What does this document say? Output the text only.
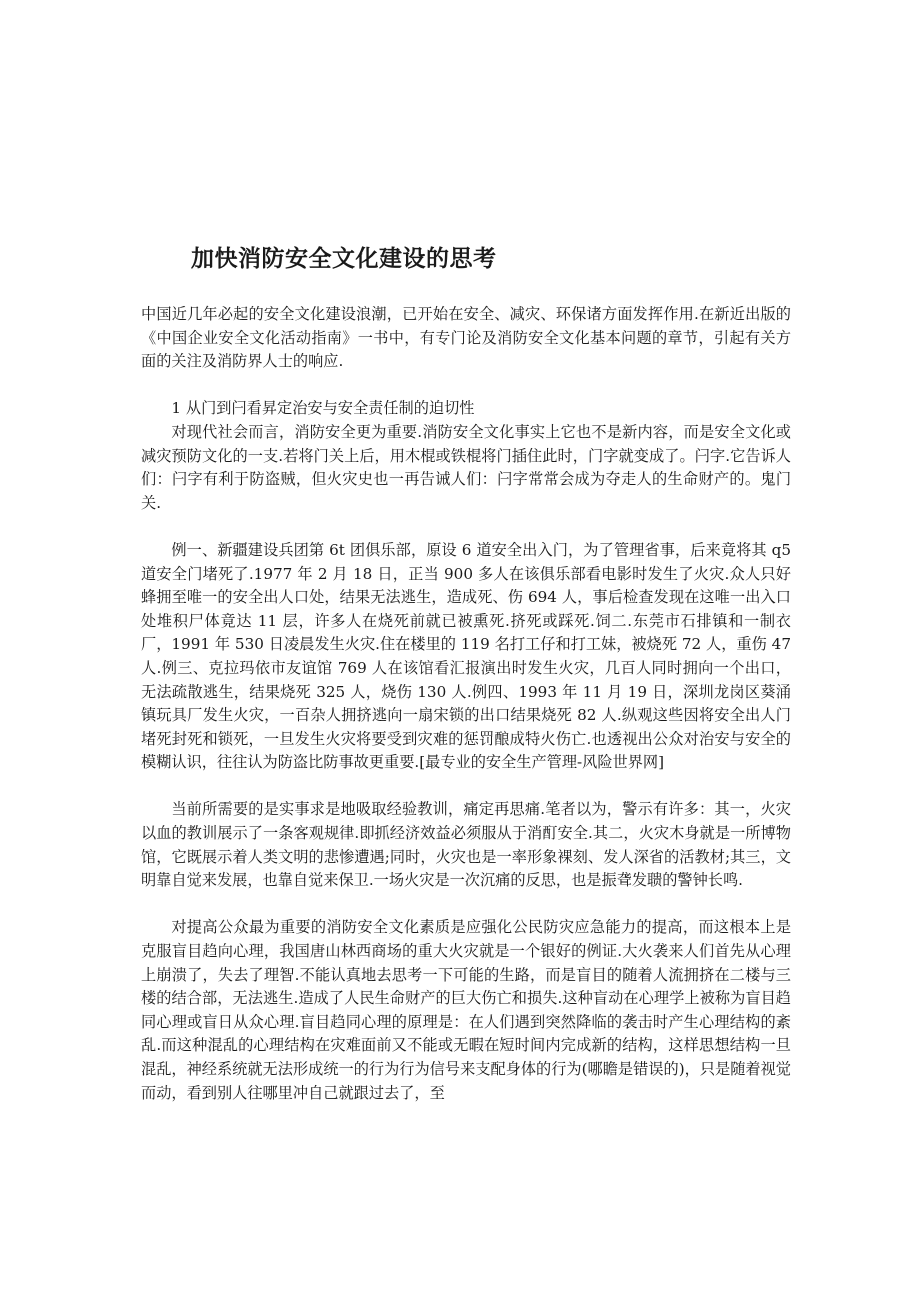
加快消防安全文化建设的思考

中国近几年必起的安全文化建设浪潮，已开始在安全、减灾、环保诸方面发挥作用.在新近出版的《中国企业安全文化活动指南》一书中，有专门论及消防安全文化基本问题的章节，引起有关方面的关注及消防界人士的响应.

1 从门到闩看昇定治安与安全责任制的迫切性

对现代社会而言，消防安全更为重要.消防安全文化事实上它也不是新内容，而是安全文化或减灾预防文化的一支.若将门关上后，用木棍或铁棍将门插住此时，门字就变成了。闩字.它告诉人们：闩字有利于防盗贼，但火灾史也一再告诫人们：闩字常常会成为夺走人的生命财产的。鬼门关.

例一、新疆建设兵团第 6t 团俱乐部，原设 6 道安全出入门，为了管理省事，后来竟将其 q5 道安全门堵死了.1977 年 2 月 18 日，正当 900 多人在该俱乐部看电影时发生了火灾.众人只好蜂拥至唯一的安全出人口处，结果无法逃生，造成死、伤 694 人，事后检查发现在这唯一出入口处堆积尸体竟达 11 层，许多人在烧死前就已被熏死.挤死或踩死.饲二.东莞市石排镇和一制衣厂，1991 年 530 日凌晨发生火灾.住在楼里的 119 名打工仔和打工妹，被烧死 72 人，重伤 47 人.例三、克拉玛依市友谊馆 769 人在该馆看汇报演出时发生火灾，几百人同时拥向一个出口，无法疏散逃生，结果烧死 325 人，烧伤 130 人.例四、1993 年 11 月 19 日，深圳龙岗区葵涌镇玩具厂发生火灾，一百杂人拥挤逃向一扇宋锁的出口结果烧死 82 人.纵观这些因将安全出人门堵死封死和锁死，一旦发生火灾将要受到灾难的惩罚酿成特火伤亡.也透视出公众对治安与安全的模糊认识，往往认为防盗比防事故更重要.[最专业的安全生产管理-风险世界网]

当前所需要的是实事求是地吸取经验教训，痛定再思痛.笔者以为，警示有许多：其一，火灾以血的教训展示了一条客观规律.即抓经济效益必须服从于消酊安全.其二，火灾木身就是一所博物馆，它既展示着人类文明的悲惨遭遇;同时，火灾也是一率形象裸刻、发人深省的活教材;其三，文明靠自觉来发展，也靠自觉来保卫.一场火灾是一次沉痛的反思，也是振聋发聩的警钟长鸣.

对提高公众最为重要的消防安全文化素质是应强化公民防灾应急能力的提高，而这根本上是克服盲目趋向心理，我国唐山林西商场的重大火灾就是一个银好的例证.大火袭来人们首先从心理上崩溃了，失去了理智.不能认真地去思考一下可能的生路，而是盲目的随着人流拥挤在二楼与三楼的结合部，无法逃生.造成了人民生命财产的巨大伤亡和损失.这种盲动在心理学上被称为盲目趋同心理或盲日从众心理.盲目趋同心理的原理是：在人们遇到突然降临的袭击时产生心理结构的紊乱.而这种混乱的心理结构在灾难面前又不能或无暇在短时间内完成新的结构，这样思想结构一旦混乱，神经系统就无法形成统一的行为行为信号来支配身体的行为(哪瞻是错误的)，只是随着视觉而动，看到别人往哪里冲自己就跟过去了，至
